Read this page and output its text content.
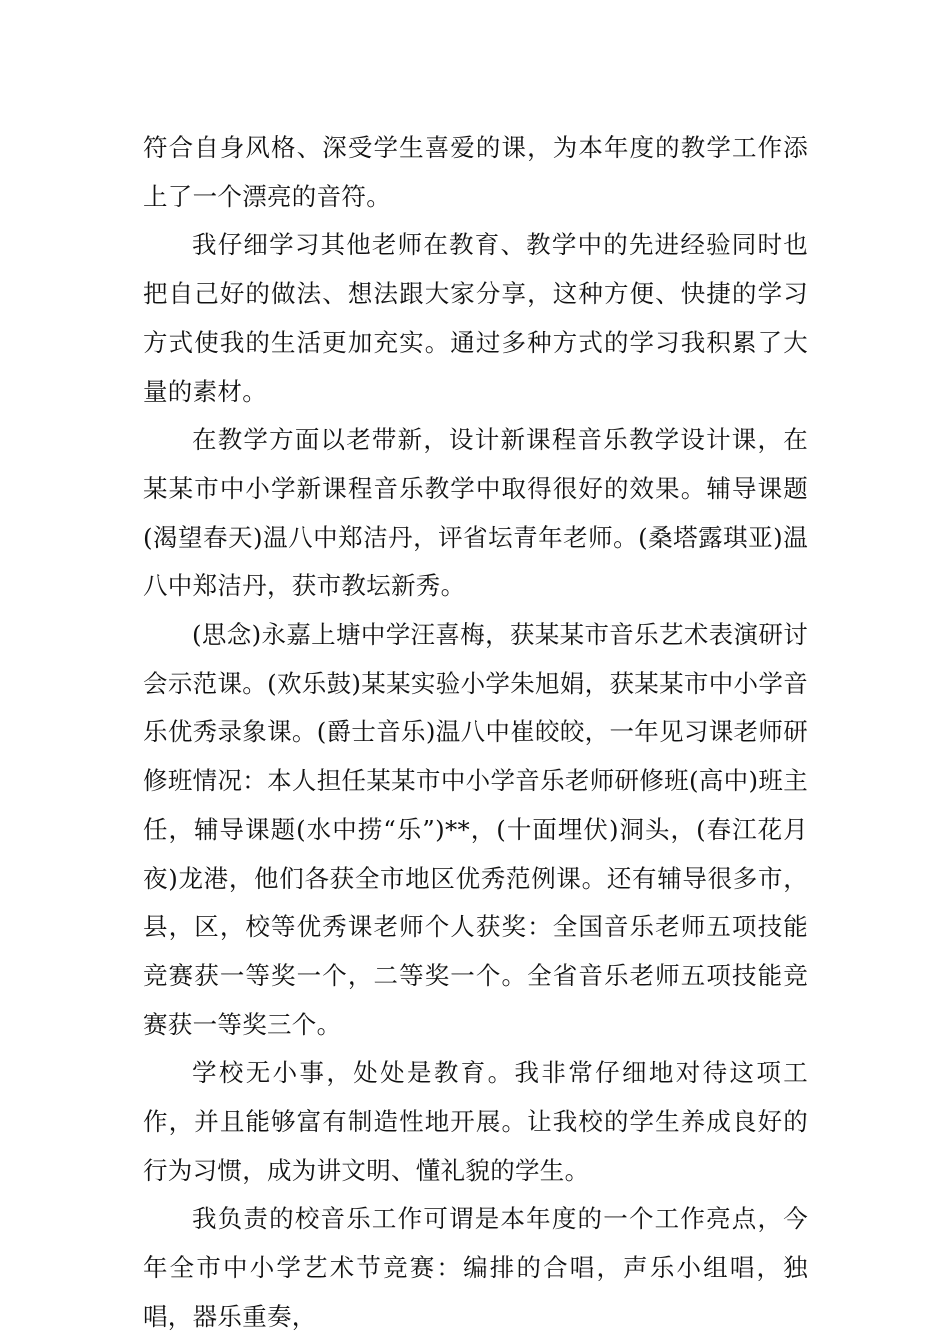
符合自身风格、深受学生喜爱的课，为本年度的教学工作添上了一个漂亮的音符。

我仔细学习其他老师在教育、教学中的先进经验同时也把自己好的做法、想法跟大家分享，这种方便、快捷的学习方式使我的生活更加充实。通过多种方式的学习我积累了大量的素材。

在教学方面以老带新，设计新课程音乐教学设计课，在某某市中小学新课程音乐教学中取得很好的效果。辅导课题(渴望春天)温八中郑洁丹，评省坛青年老师。(桑塔露琪亚)温八中郑洁丹，获市教坛新秀。

(思念)永嘉上塘中学汪喜梅，获某某市音乐艺术表演研讨会示范课。(欢乐鼓)某某实验小学朱旭娟，获某某市中小学音乐优秀录象课。(爵士音乐)温八中崔皎皎，一年见习课老师研修班情况：本人担任某某市中小学音乐老师研修班(高中)班主任，辅导课题(水中捞“乐”)**，(十面埋伏)洞头，(春江花月夜)龙港，他们各获全市地区优秀范例课。还有辅导很多市，县，区，校等优秀课老师个人获奖：全国音乐老师五项技能竞赛获一等奖一个，二等奖一个。全省音乐老师五项技能竞赛获一等奖三个。

学校无小事，处处是教育。我非常仔细地对待这项工作，并且能够富有制造性地开展。让我校的学生养成良好的行为习惯，成为讲文明、懂礼貌的学生。

我负责的校音乐工作可谓是本年度的一个工作亮点，今年全市中小学艺术节竞赛：编排的合唱，声乐小组唱，独唱，器乐重奏，
